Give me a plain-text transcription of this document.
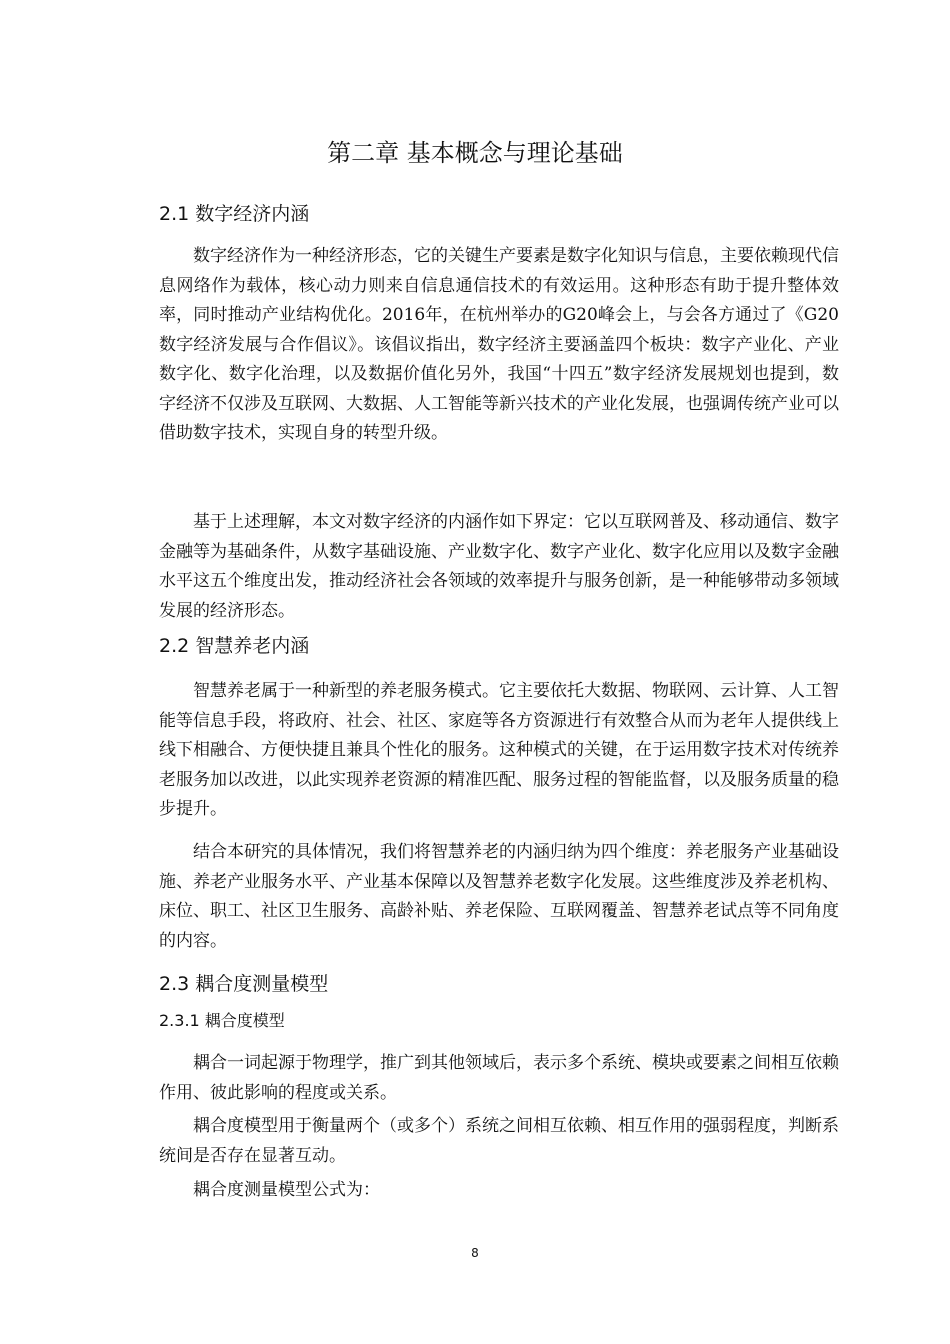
第二章 基本概念与理论基础
2.1 数字经济内涵

数字经济作为一种经济形态，它的关键生产要素是数字化知识与信息，主要依赖现代信息网络作为载体，核心动力则来自信息通信技术的有效运用。这种形态有助于提升整体效率，同时推动产业结构优化。2016年，在杭州举办的G20峰会上，与会各方通过了《G20数字经济发展与合作倡议》。该倡议指出，数字经济主要涵盖四个板块：数字产业化、产业数字化、数字化治理，以及数据价值化另外，我国“十四五”数字经济发展规划也提到，数字经济不仅涉及互联网、大数据、人工智能等新兴技术的产业化发展，也强调传统产业可以借助数字技术，实现自身的转型升级。

基于上述理解，本文对数字经济的内涵作如下界定：它以互联网普及、移动通信、数字金融等为基础条件，从数字基础设施、产业数字化、数字产业化、数字化应用以及数字金融水平这五个维度出发，推动经济社会各领域的效率提升与服务创新，是一种能够带动多领域发展的经济形态。

2.2 智慧养老内涵

智慧养老属于一种新型的养老服务模式。它主要依托大数据、物联网、云计算、人工智能等信息手段，将政府、社会、社区、家庭等各方资源进行有效整合从而为老年人提供线上线下相融合、方便快捷且兼具个性化的服务。这种模式的关键，在于运用数字技术对传统养老服务加以改进，以此实现养老资源的精准匹配、服务过程的智能监督，以及服务质量的稳步提升。

结合本研究的具体情况，我们将智慧养老的内涵归纳为四个维度：养老服务产业基础设施、养老产业服务水平、产业基本保障以及智慧养老数字化发展。这些维度涉及养老机构、床位、职工、社区卫生服务、高龄补贴、养老保险、互联网覆盖、智慧养老试点等不同角度的内容。

2.3 耦合度测量模型
2.3.1 耦合度模型

耦合一词起源于物理学，推广到其他领域后，表示多个系统、模块或要素之间相互依赖作用、彼此影响的程度或关系。

耦合度模型用于衡量两个（或多个）系统之间相互依赖、相互作用的强弱程度，判断系统间是否存在显著互动。

耦合度测量模型公式为：

8
